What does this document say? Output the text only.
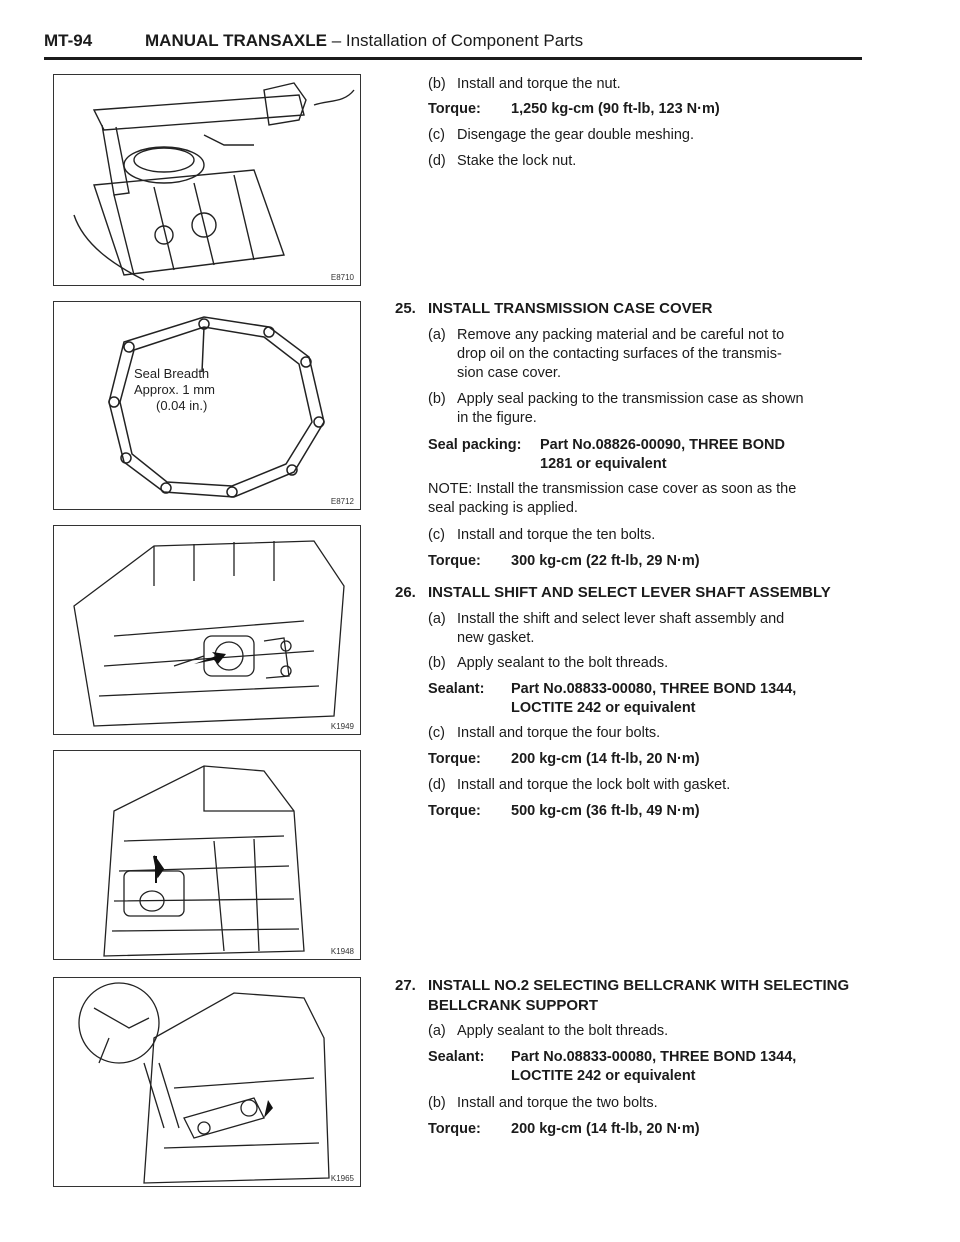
MT-94	MANUAL TRANSAXLE – Installation of Component Parts
E8710
Seal Breadth
Approx. 1 mm
(0.04 in.)
E8712
K1949
K1948
K1965
(b) Install and torque the nut.
Torque: 1,250 kg-cm (90 ft-lb, 123 N·m)
(c) Disengage the gear double meshing.
(d) Stake the lock nut.
25. INSTALL TRANSMISSION CASE COVER
(a) Remove any packing material and be careful not to
drop oil on the contacting surfaces of the transmis-
sion case cover.
(b) Apply seal packing to the transmission case as shown
in the figure.
Seal packing: Part No.08826-00090, THREE BOND
1281 or equivalent
NOTE: Install the transmission case cover as soon as the
seal packing is applied.
(c) Install and torque the ten bolts.
Torque: 300 kg-cm (22 ft-lb, 29 N·m)
26. INSTALL SHIFT AND SELECT LEVER SHAFT ASSEMBLY
(a) Install the shift and select lever shaft assembly and
new gasket.
(b) Apply sealant to the bolt threads.
Sealant: Part No.08833-00080, THREE BOND 1344,
LOCTITE 242 or equivalent
(c) Install and torque the four bolts.
Torque: 200 kg-cm (14 ft-lb, 20 N·m)
(d) Install and torque the lock bolt with gasket.
Torque: 500 kg-cm (36 ft-lb, 49 N·m)
27. INSTALL NO.2 SELECTING BELLCRANK WITH SELECTING
BELLCRANK SUPPORT
(a) Apply sealant to the bolt threads.
Sealant: Part No.08833-00080, THREE BOND 1344,
LOCTITE 242 or equivalent
(b) Install and torque the two bolts.
Torque: 200 kg-cm (14 ft-lb, 20 N·m)
